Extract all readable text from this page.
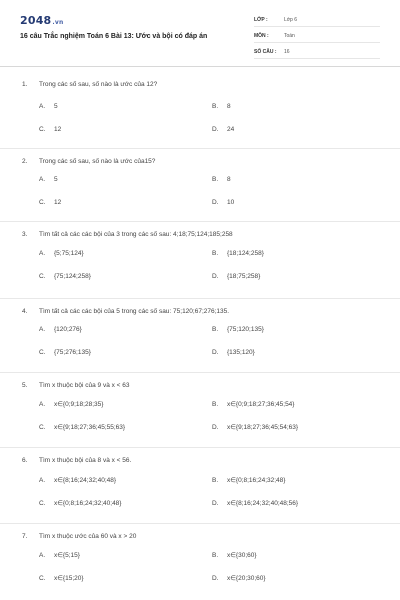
2048.vn
16 câu Trắc nghiệm Toán 6 Bài 13: Ước và bội có đáp án
LỚP :	Lớp 6
MÔN :	Toán
SỐ CÂU : 16
1. Trong các số sau, số nào là ước của 12?
A. 5	B. 8
C. 12	D. 24
2. Trong các số sau, số nào là ước của15?
A. 5	B. 8
C. 12	D. 10
3. Tìm tất cả các các bội của 3 trong các số sau: 4;18;75;124;185;258
A. {5;75;124}	B. {18;124;258}
C. {75;124;258}	D. {18;75;258}
4. Tìm tất cả các các bội của 5 trong các số sau: 75;120;67;276;135.
A. {120;276}	B. {75;120;135}
C. {75;276;135}	D. {135;120}
5. Tìm x thuộc bội của 9 và x < 63
A. x∈{0;9;18;28;35}	B. x∈{0;9;18;27;36;45;54}
C. x∈{9;18;27;36;45;55;63}	D. x∈{9;18;27;36;45;54;63}
6. Tìm x thuộc bội của 8 và x < 56.
A. x∈{8;16;24;32;40;48}	B. x∈{0;8;16;24;32;48}
C. x∈{0;8;16;24;32;40;48}	D. x∈{8;16;24;32;40;48;56}
7. Tìm x thuộc ước của 60 và x > 20
A. x∈{5;15}	B. x∈{30;60}
C. x∈{15;20}	D. x∈{20;30;60}
